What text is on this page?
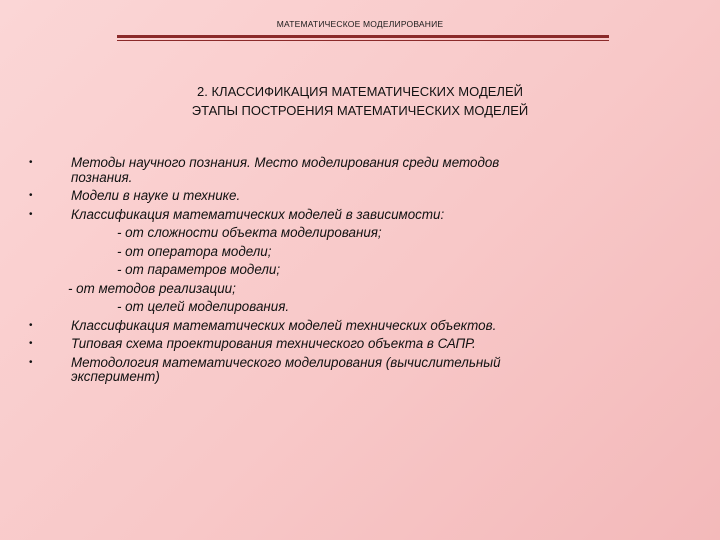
МАТЕМАТИЧЕСКОЕ МОДЕЛИРОВАНИЕ
2. КЛАССИФИКАЦИЯ МАТЕМАТИЧЕСКИХ МОДЕЛЕЙ
ЭТАПЫ ПОСТРОЕНИЯ МАТЕМАТИЧЕСКИХ МОДЕЛЕЙ
•	Методы научного познания. Место моделирования среди методов
познания.
•	Модели в науке и технике.
•	Классификация математических моделей в зависимости:
- от сложности объекта моделирования;
- от оператора модели;
- от параметров модели;
- от методов реализации;
- от целей моделирования.
•	Классификация математических моделей технических объектов.
•	Типовая схема проектирования технического объекта в САПР.
•	Методология математического моделирования (вычислительный
эксперимент)
